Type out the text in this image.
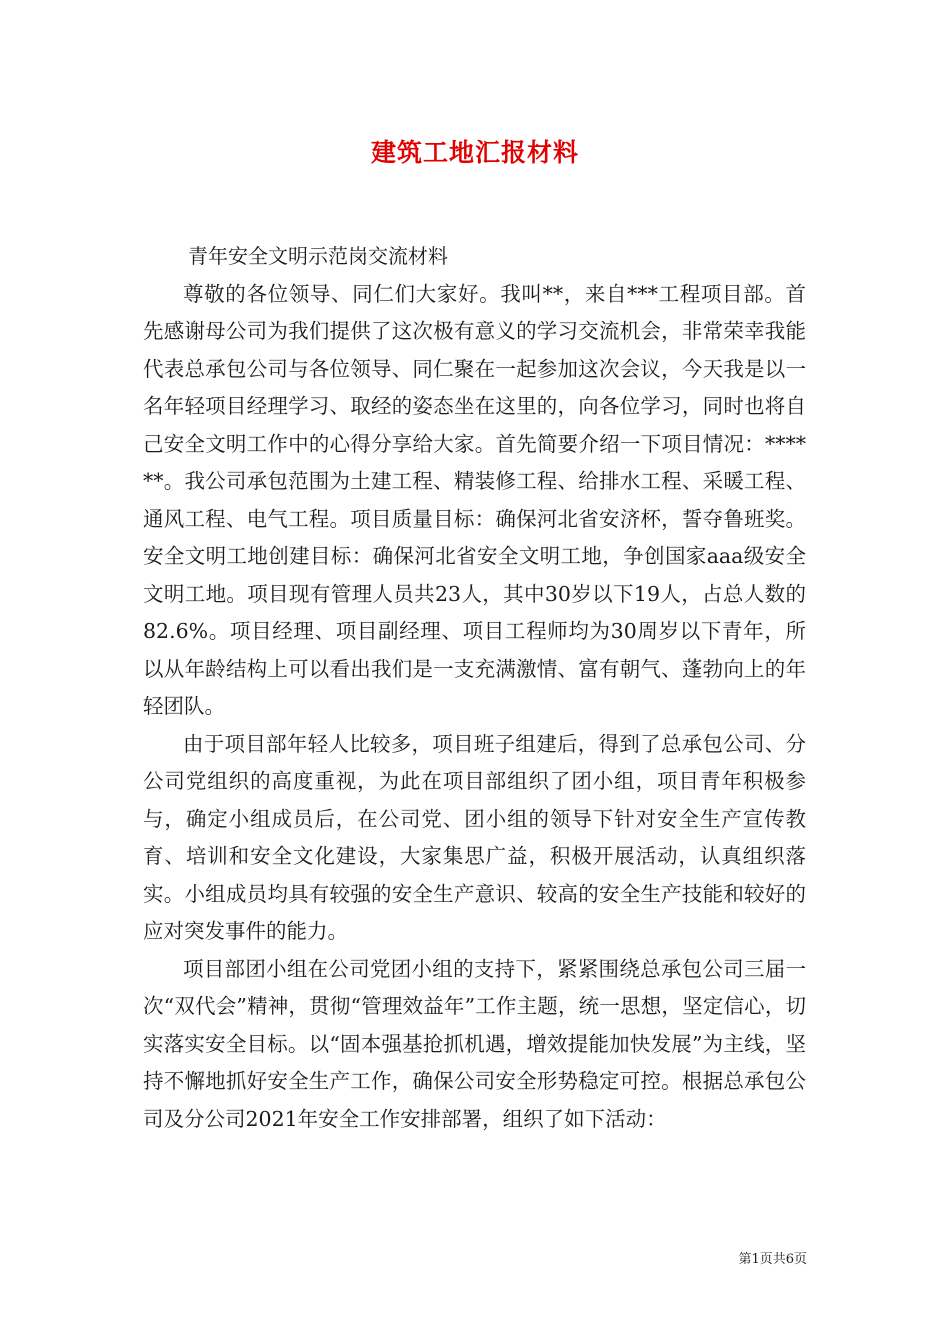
建筑工地汇报材料

青年安全文明示范岗交流材料

尊敬的各位领导、同仁们大家好。我叫**，来自***工程项目部。首先感谢母公司为我们提供了这次极有意义的学习交流机会，非常荣幸我能代表总承包公司与各位领导、同仁聚在一起参加这次会议，今天我是以一名年轻项目经理学习、取经的姿态坐在这里的，向各位学习，同时也将自己安全文明工作中的心得分享给大家。首先简要介绍一下项目情况：******。我公司承包范围为土建工程、精装修工程、给排水工程、采暖工程、通风工程、电气工程。项目质量目标：确保河北省安济杯，誓夺鲁班奖。安全文明工地创建目标：确保河北省安全文明工地，争创国家aaa级安全文明工地。项目现有管理人员共23人，其中30岁以下19人，占总人数的82.6%。项目经理、项目副经理、项目工程师均为30周岁以下青年，所以从年龄结构上可以看出我们是一支充满激情、富有朝气、蓬勃向上的年轻团队。

由于项目部年轻人比较多，项目班子组建后，得到了总承包公司、分公司党组织的高度重视，为此在项目部组织了团小组，项目青年积极参与，确定小组成员后，在公司党、团小组的领导下针对安全生产宣传教育、培训和安全文化建设，大家集思广益，积极开展活动，认真组织落实。小组成员均具有较强的安全生产意识、较高的安全生产技能和较好的应对突发事件的能力。

项目部团小组在公司党团小组的支持下，紧紧围绕总承包公司三届一次“双代会”精神，贯彻“管理效益年”工作主题，统一思想，坚定信心，切实落实安全目标。以“固本强基抢抓机遇，增效提能加快发展”为主线，坚持不懈地抓好安全生产工作，确保公司安全形势稳定可控。根据总承包公司及分公司2021年安全工作安排部署，组织了如下活动：

第1页共6页
